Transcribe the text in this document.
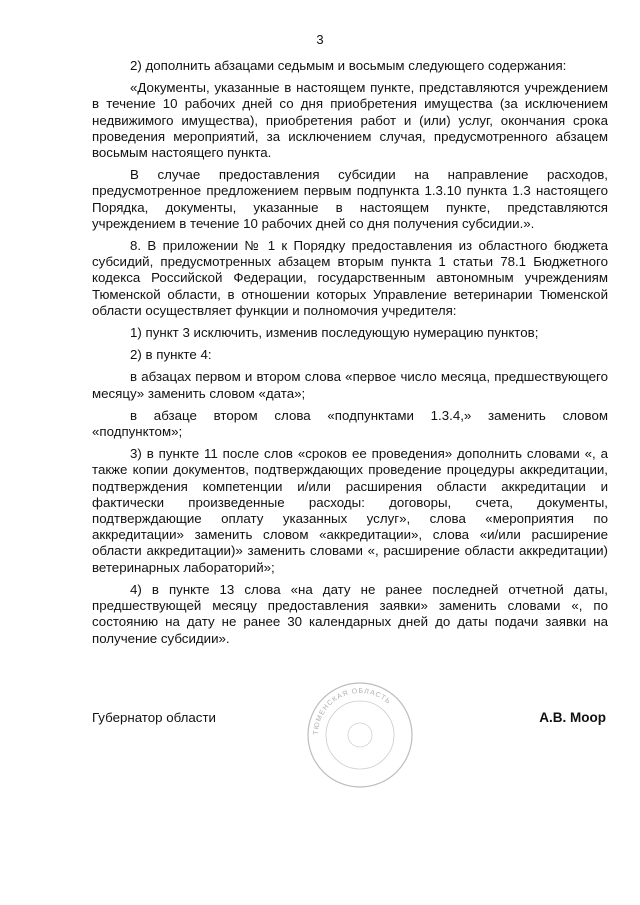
3

2) дополнить абзацами седьмым и восьмым следующего содержания:

«Документы, указанные в настоящем пункте, представляются учреждением в течение 10 рабочих дней со дня приобретения имущества (за исключением недвижимого имущества), приобретения работ и (или) услуг, окончания срока проведения мероприятий, за исключением случая, предусмотренного абзацем восьмым настоящего пункта.

В случае предоставления субсидии на направление расходов, предусмотренное предложением первым подпункта 1.3.10 пункта 1.3 настоящего Порядка, документы, указанные в настоящем пункте, представляются учреждением в течение 10 рабочих дней со дня получения субсидии.».

8. В приложении № 1 к Порядку предоставления из областного бюджета субсидий, предусмотренных абзацем вторым пункта 1 статьи 78.1 Бюджетного кодекса Российской Федерации, государственным автономным учреждениям Тюменской области, в отношении которых Управление ветеринарии Тюменской области осуществляет функции и полномочия учредителя:

1) пункт 3 исключить, изменив последующую нумерацию пунктов;

2) в пункте 4:

в абзацах первом и втором слова «первое число месяца, предшествующего месяцу» заменить словом «дата»;

в абзаце втором слова «подпунктами 1.3.4,» заменить словом «подпунктом»;

3) в пункте 11 после слов «сроков ее проведения» дополнить словами «, а также копии документов, подтверждающих проведение процедуры аккредитации, подтверждения компетенции и/или расширения области аккредитации и фактически произведенные расходы: договоры, счета, документы, подтверждающие оплату указанных услуг», слова «мероприятия по аккредитации» заменить словом «аккредитации», слова «и/или расширение области аккредитации)» заменить словами «, расширение области аккредитации) ветеринарных лабораторий»;

4) в пункте 13 слова «на дату не ранее последней отчетной даты, предшествующей месяцу предоставления заявки» заменить словами «, по состоянию на дату не ранее 30 календарных дней до даты подачи заявки на получение субсидии».

ТЮМЕНСКАЯ ОБЛАСТЬ
Губернатор области	А.В. Моор
